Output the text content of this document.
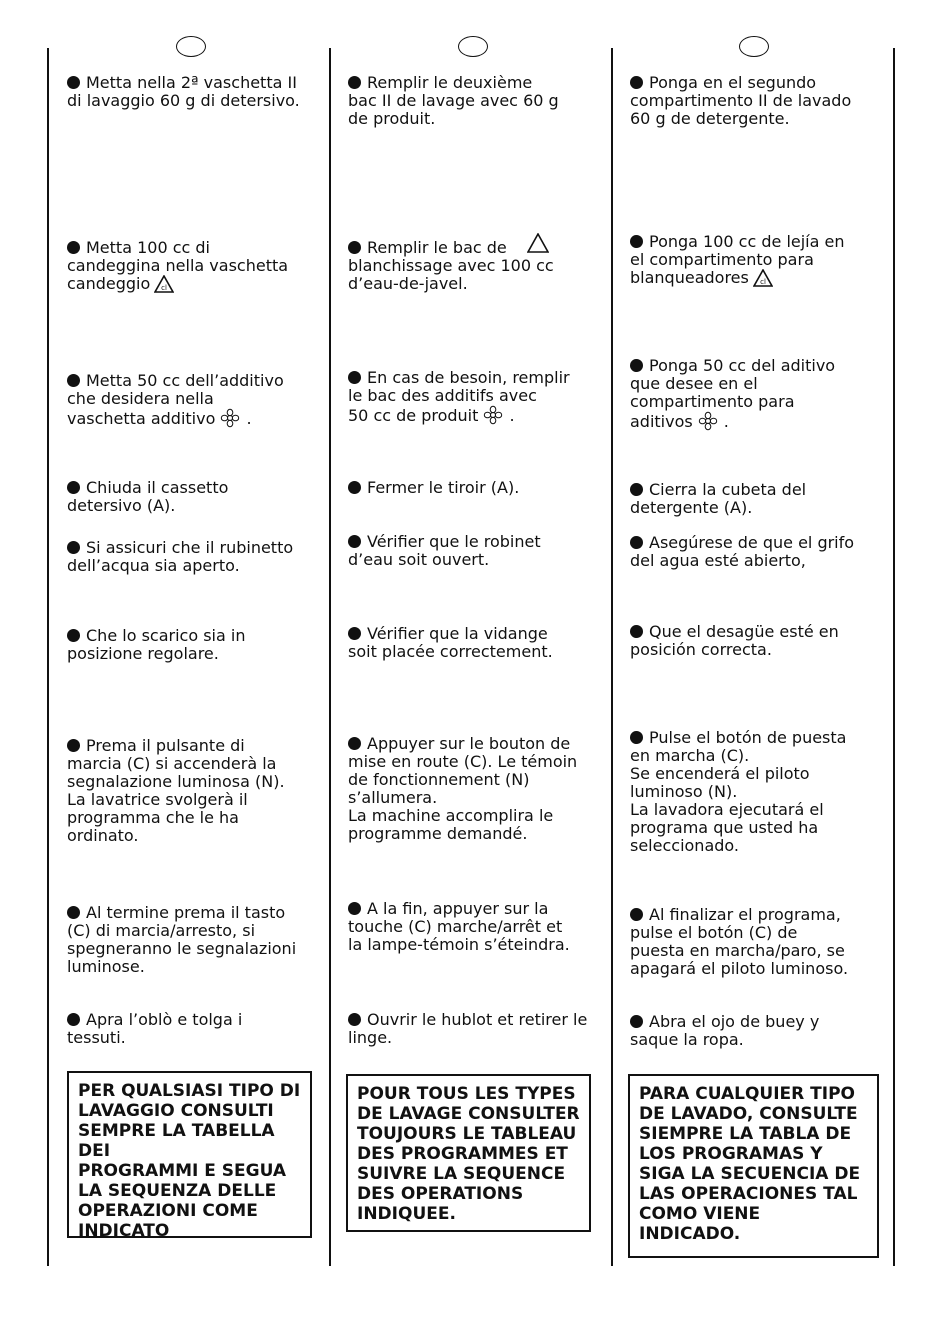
Metta nella 2ª vaschetta II
di lavaggio 60 g di detersivo.
Metta 100 cc di
candeggina nella vaschetta
candeggio cl
Metta 50 cc dell’additivo
che desidera nella
vaschetta additivo .
Chiuda il cassetto
detersivo (A).
Si assicuri che il rubinetto
dell’acqua sia aperto.
Che lo scarico sia in
posizione regolare.
Prema il pulsante di
marcia (C) si accenderà la
segnalazione luminosa (N).
La lavatrice svolgerà il
programma che le ha
ordinato.
Al termine prema il tasto
(C) di marcia/arresto, si
spegneranno le segnalazioni
luminose.
Apra l’oblò e tolga i
tessuti.
PER QUALSIASI TIPO DI
LAVAGGIO CONSULTI
SEMPRE LA TABELLA DEI
PROGRAMMI E SEGUA
LA SEQUENZA DELLE
OPERAZIONI COME
INDICATO
Remplir le deuxième
bac II de lavage avec 60 g
de produit.
Remplir le bac de
blanchissage avec 100 cc
d’eau-de-javel.
En cas de besoin, remplir
le bac des additifs avec
50 cc de produit .
Fermer le tiroir (A).
Vérifier que le robinet
d’eau soit ouvert.
Vérifier que la vidange
soit placée correctement.
Appuyer sur le bouton de
mise en route (C). Le témoin
de fonctionnement (N)
s’allumera.
La machine accomplira le
programme demandé.
A la fin, appuyer sur la
touche (C) marche/arrêt et
la lampe-témoin s’éteindra.
Ouvrir le hublot et retirer le
linge.
POUR TOUS LES TYPES
DE LAVAGE CONSULTER
TOUJOURS LE TABLEAU
DES PROGRAMMES ET
SUIVRE LA SEQUENCE
DES OPERATIONS
INDIQUEE.
Ponga en el segundo
compartimento II de lavado
60 g de detergente.
Ponga 100 cc de lejía en
el compartimento para
blanqueadores cl
Ponga 50 cc del aditivo
que desee en el
compartimento para
aditivos .
Cierra la cubeta del
detergente (A).
Asegúrese de que el grifo
del agua esté abierto,
Que el desagüe esté en
posición correcta.
Pulse el botón de puesta
en marcha (C).
Se encenderá el piloto
luminoso (N).
La lavadora ejecutará el
programa que usted ha
seleccionado.
Al finalizar el programa,
pulse el botón (C) de
puesta en marcha/paro, se
apagará el piloto luminoso.
Abra el ojo de buey y
saque la ropa.
PARA CUALQUIER TIPO
DE LAVADO, CONSULTE
SIEMPRE LA TABLA DE
LOS PROGRAMAS Y
SIGA LA SECUENCIA DE
LAS OPERACIONES TAL
COMO VIENE
INDICADO.
